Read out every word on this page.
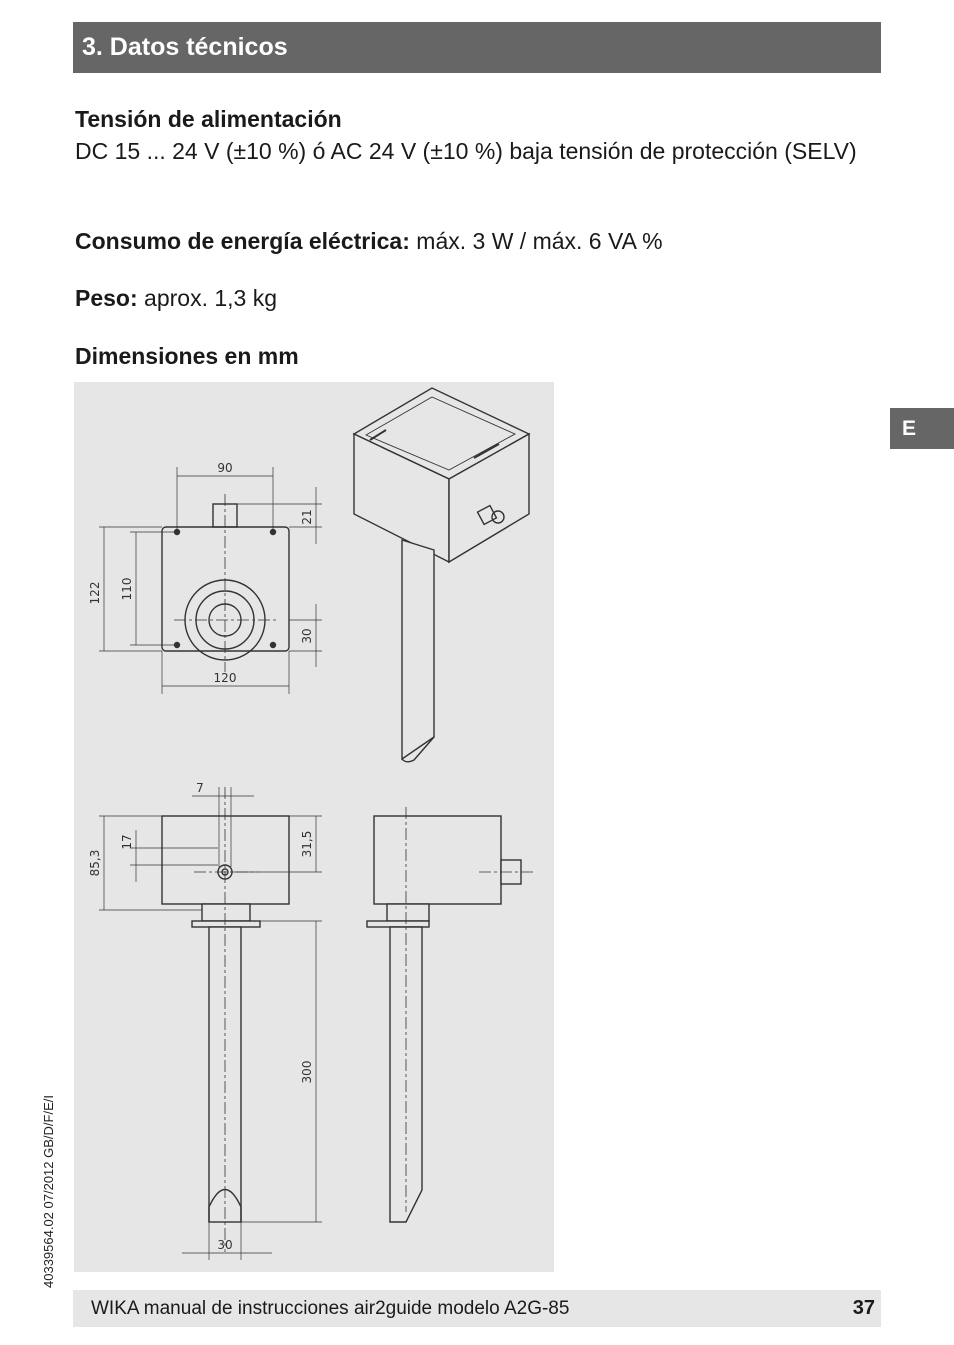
3. Datos técnicos
Tensión de alimentación
DC 15 ... 24 V (±10 %) ó AC 24 V (±10 %) baja tensión de protección (SELV)
Consumo de energía eléctrica: máx. 3 W / máx. 6 VA %
Peso: aprox. 1,3 kg
Dimensiones en mm
E
90
21
122 110
30
120
7
85,3
17	31,5
300
30
40339564.02 07/2012 GB/D/F/E/I
WIKA manual de instrucciones air2guide modelo A2G-85	37
